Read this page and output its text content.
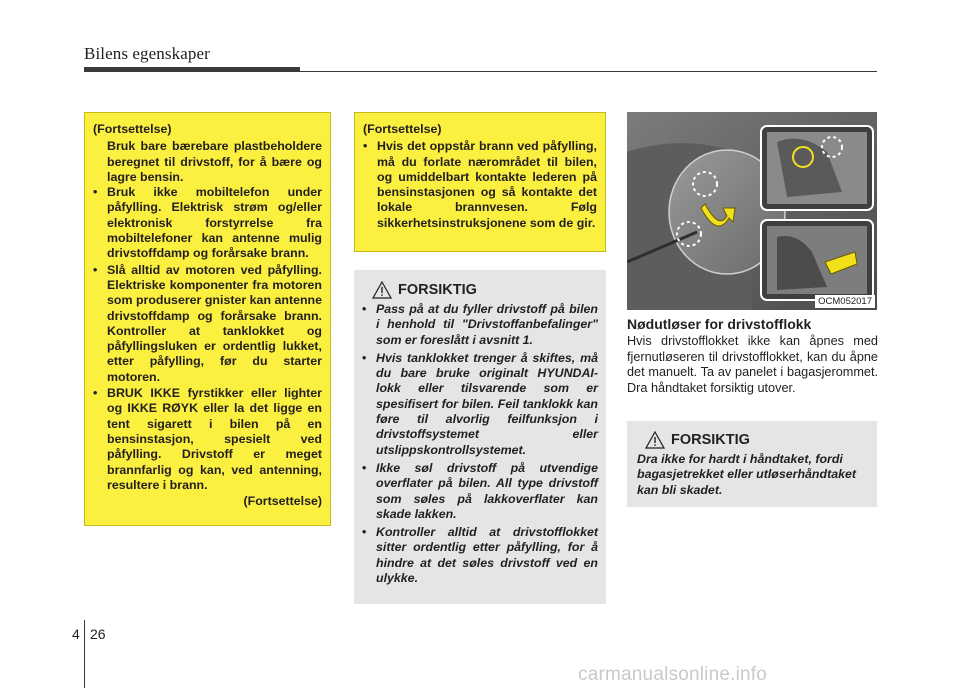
Bilens egenskaper
(Fortsettelse)
Bruk bare bærebare plastbeholdere beregnet til drivstoff, for å bære og lagre bensin.
• Bruk ikke mobiltelefon under påfylling. Elektrisk strøm og/eller elektronisk forstyrrelse fra mobiltelefoner kan antenne mulig drivstoffdamp og forårsake brann.
• Slå alltid av motoren ved påfylling. Elektriske komponenter fra motoren som produserer gnister kan antenne drivstoffdamp og forårsake brann. Kontroller at tanklokket og påfyllingsluken er ordentlig lukket, etter påfylling, før du starter motoren.
• BRUK IKKE fyrstikker eller lighter og IKKE RØYK eller la det ligge en tent sigarett i bilen på en bensinstasjon, spesielt ved påfylling. Drivstoff er meget brannfarlig og kan, ved antenning, resultere i brann.
(Fortsettelse)
(Fortsettelse)
• Hvis det oppstår brann ved påfylling, må du forlate nærområdet til bilen, og umiddelbart kontakte lederen på bensinstasjonen og så kontakte det lokale brannvesen. Følg sikkerhetsinstruksjonene som de gir.
FORSIKTIG
• Pass på at du fyller drivstoff på bilen i henhold til "Drivstoffanbefalinger" som er foreslått i avsnitt 1.
• Hvis tanklokket trenger å skiftes, må du bare bruke originalt HYUNDAI-lokk eller tilsvarende som er spesifisert for bilen. Feil tanklokk kan føre til alvorlig feilfunksjon i drivstoffsystemet eller utslippskontrollsystemet.
• Ikke søl drivstoff på utvendige overflater på bilen. All type drivstoff som søles på lakkoverflater kan skade lakken.
• Kontroller alltid at drivstofflokket sitter ordentlig etter påfylling, for å hindre at det søles drivstoff ved en ulykke.
OCM052017
Nødutløser for drivstofflokk
Hvis drivstofflokket ikke kan åpnes med fjernutløseren til drivstofflokket, kan du åpne det manuelt. Ta av panelet i bagasjerommet. Dra håndtaket forsiktig utover.
FORSIKTIG
Dra ikke for hardt i håndtaket, fordi bagasjetrekket eller utløserhåndtaket kan bli skadet.
4 26
carmanualsonline.info
